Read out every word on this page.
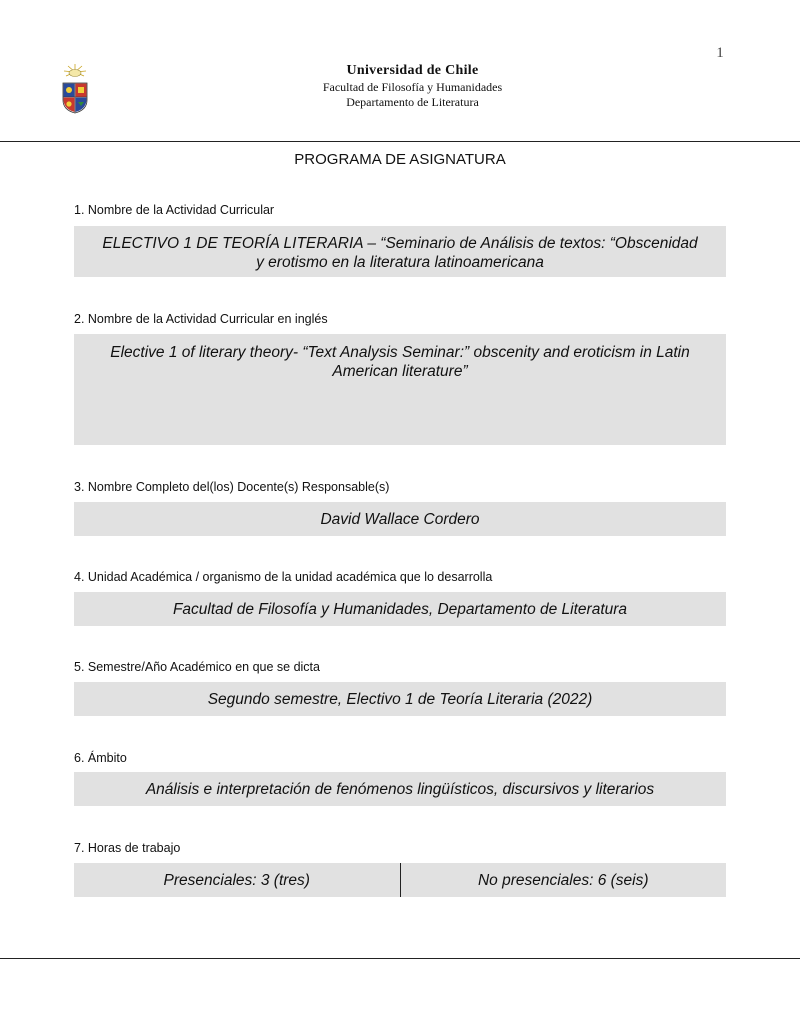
1
Universidad de Chile
Facultad de Filosofía y Humanidades
Departamento de Literatura
PROGRAMA DE ASIGNATURA
1. Nombre de la Actividad Curricular
ELECTIVO 1 DE TEORÍA LITERARIA – “Seminario de Análisis de textos: “Obscenidad y erotismo en la literatura latinoamericana
2. Nombre de la Actividad Curricular en inglés
Elective 1 of literary theory- “Text Analysis Seminar:” obscenity and eroticism in Latin American literature”
3. Nombre Completo del(los) Docente(s) Responsable(s)
David Wallace Cordero
4. Unidad Académica / organismo de la unidad académica que lo desarrolla
Facultad de Filosofía y Humanidades, Departamento de Literatura
5. Semestre/Año Académico en que se dicta
Segundo semestre, Electivo 1 de Teoría Literaria (2022)
6. Ámbito
Análisis e interpretación de fenómenos lingüísticos, discursivos y literarios
7. Horas de trabajo
Presenciales: 3 (tres)	No presenciales: 6 (seis)
